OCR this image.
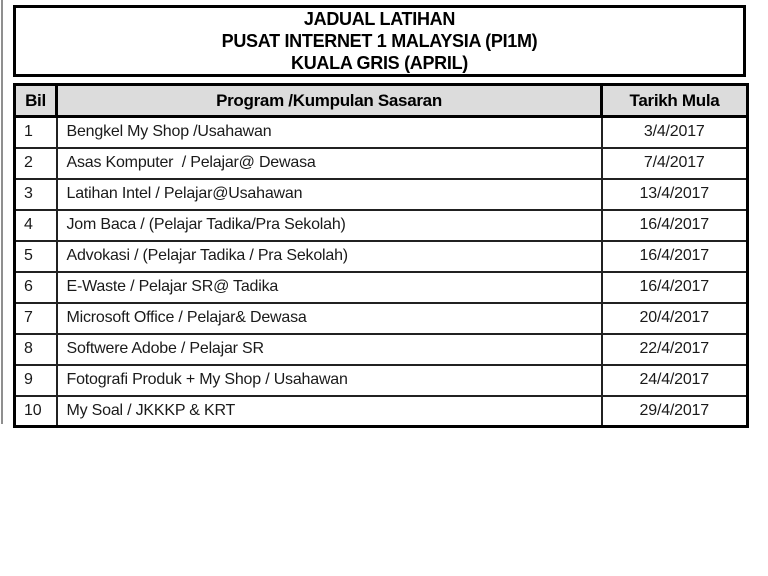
JADUAL LATIHAN
PUSAT INTERNET 1 MALAYSIA (PI1M)
KUALA GRIS (APRIL)
Bil	Program /Kumpulan Sasaran	Tarikh Mula
1	Bengkel My Shop /Usahawan	3/4/2017
2	Asas Komputer  / Pelajar@ Dewasa	7/4/2017
3	Latihan Intel / Pelajar@Usahawan	13/4/2017
4	Jom Baca / (Pelajar Tadika/Pra Sekolah)	16/4/2017
5	Advokasi / (Pelajar Tadika / Pra Sekolah)	16/4/2017
6	E-Waste / Pelajar SR@ Tadika	16/4/2017
7	Microsoft Office / Pelajar& Dewasa	20/4/2017
8	Softwere Adobe / Pelajar SR	22/4/2017
9	Fotografi Produk + My Shop / Usahawan	24/4/2017
10	My Soal / JKKKP & KRT	29/4/2017
